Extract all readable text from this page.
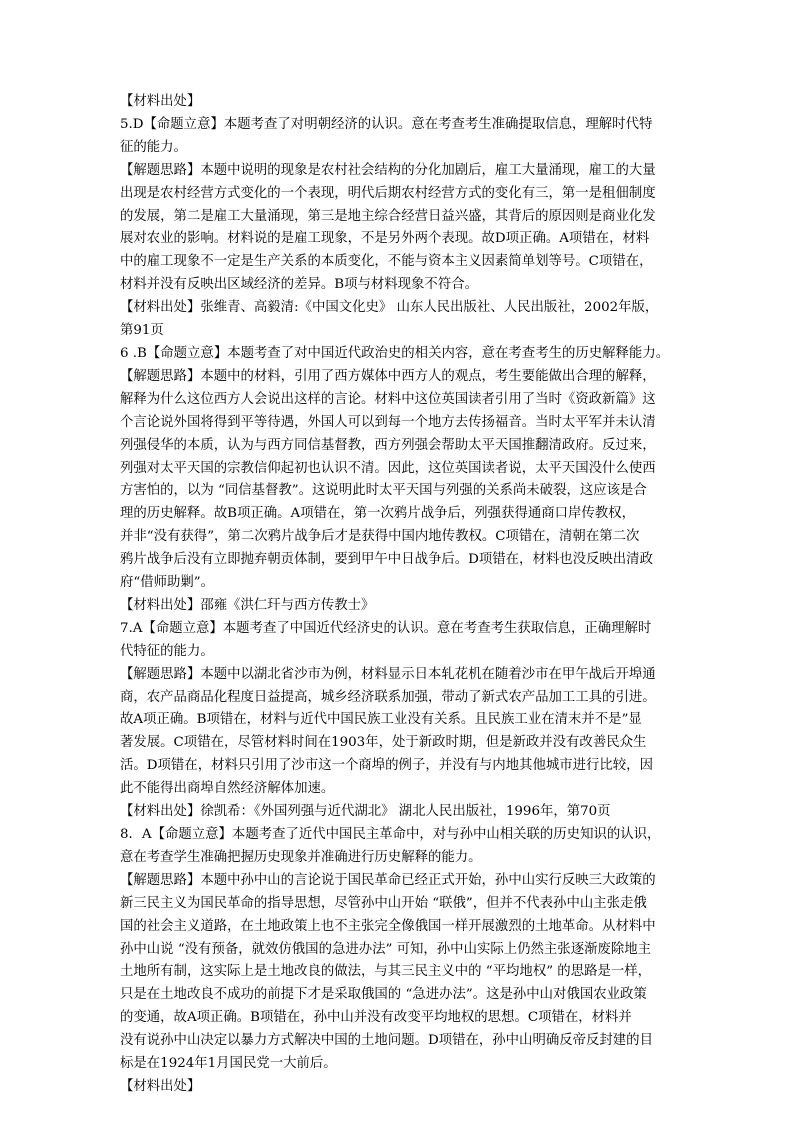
【材料出处】
5.D【命题立意】本题考查了对明朝经济的认识。意在考查考生准确提取信息，理解时代特
征的能力。
【解题思路】本题中说明的现象是农村社会结构的分化加剧后，雇工大量涌现，雇工的大量
出现是农村经营方式变化的一个表现，明代后期农村经营方式的变化有三，第一是租佃制度
的发展，第二是雇工大量涌现，第三是地主综合经营日益兴盛，其背后的原因则是商业化发
展对农业的影响。材料说的是雇工现象，不是另外两个表现。故D项正确。A项错在，材料
中的雇工现象不一定是生产关系的本质变化，不能与资本主义因素简单划等号。C项错在，
材料并没有反映出区域经济的差异。B项与材料现象不符合。
【材料出处】张维青、高毅清:《中国文化史》 山东人民出版社、人民出版社，2002年版，
第91页
6 .B【命题立意】本题考查了对中国近代政治史的相关内容，意在考查考生的历史解释能力。
【解题思路】本题中的材料，引用了西方媒体中西方人的观点，考生要能做出合理的解释，
解释为什么这位西方人会说出这样的言论。材料中这位英国读者引用了当时《资政新篇》这
个言论说外国将得到平等待遇，外国人可以到每一个地方去传扬福音。当时太平军并未认清
列强侵华的本质，认为与西方同信基督教，西方列强会帮助太平天国推翻清政府。反过来，
列强对太平天国的宗教信仰起初也认识不清。因此，这位英国读者说，太平天国没什么使西
方害怕的，以为 “同信基督教”。这说明此时太平天国与列强的关系尚未破裂，这应该是合
理的历史解释。故B项正确。A项错在，第一次鸦片战争后，列强获得通商口岸传教权，
并非“没有获得”，第二次鸦片战争后才是获得中国内地传教权。C项错在，清朝在第二次
鸦片战争后没有立即抛弃朝贡体制，要到甲午中日战争后。D项错在，材料也没反映出清政
府“借师助剿”。
【材料出处】邵雍《洪仁玕与西方传教士》
7.A【命题立意】本题考查了中国近代经济史的认识。意在考查考生获取信息，正确理解时
代特征的能力。
【解题思路】本题中以湖北省沙市为例，材料显示日本轧花机在随着沙市在甲午战后开埠通
商，农产品商品化程度日益提高，城乡经济联系加强，带动了新式农产品加工工具的引进。
故A项正确。B项错在，材料与近代中国民族工业没有关系。且民族工业在清末并不是”显
著发展。C项错在，尽管材料时间在1903年，处于新政时期，但是新政并没有改善民众生
活。D项错在，材料只引用了沙市这一个商埠的例子，并没有与内地其他城市进行比较，因
此不能得出商埠自然经济解体加速。
【材料出处】徐凯希：《外国列强与近代湖北》 湖北人民出版社，1996年，第70页
8．A【命题立意】本题考查了近代中国民主革命中，对与孙中山相关联的历史知识的认识，
意在考查学生准确把握历史现象并准确进行历史解释的能力。
【解题思路】本题中孙中山的言论说于国民革命已经正式开始，孙中山实行反映三大政策的
新三民主义为国民革命的指导思想，尽管孙中山开始 “联俄”，但并不代表孙中山主张走俄
国的社会主义道路，在土地政策上也不主张完全像俄国一样开展激烈的土地革命。从材料中
孙中山说 “没有预备，就效仿俄国的急进办法” 可知，孙中山实际上仍然主张逐渐废除地主
土地所有制，这实际上是土地改良的做法，与其三民主义中的 “平均地权” 的思路是一样，
只是在土地改良不成功的前提下才是采取俄国的 “急进办法”。这是孙中山对俄国农业政策
的变通，故A项正确。B项错在，孙中山并没有改变平均地权的思想。C项错在，材料并
没有说孙中山决定以暴力方式解决中国的土地问题。D项错在，孙中山明确反帝反封建的目
标是在1924年1月国民党一大前后。
【材料出处】
